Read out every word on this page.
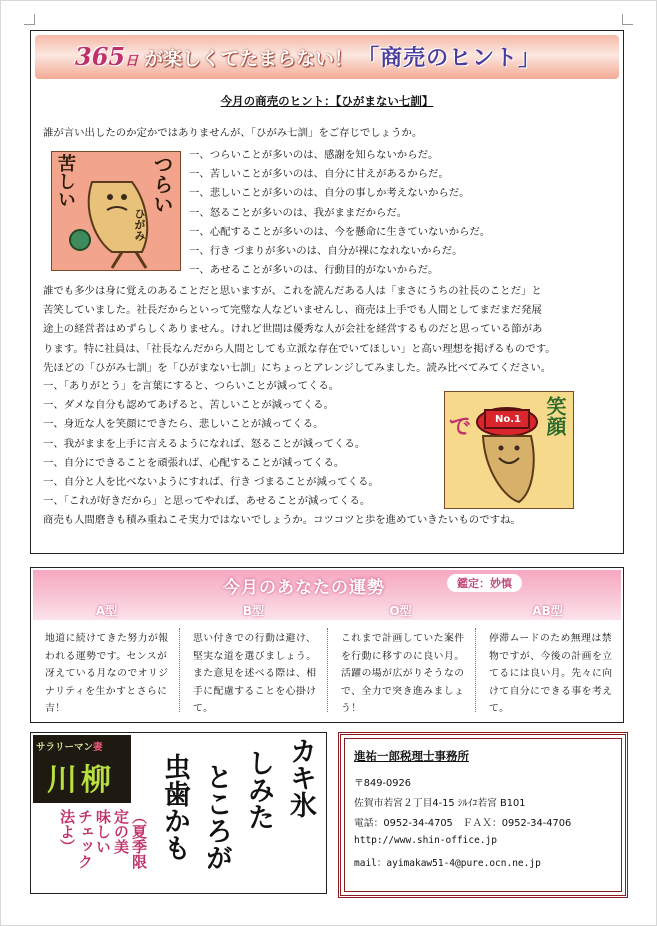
365 日 が楽しくてたまらない！ 「商売のヒント」
今月の商売のヒント：【ひがまない七訓】
誰が言い出したのか定かではありませんが、「ひがみ七訓」をご存じでしょうか。
つらい
苦しい
ひがみ
一、つらいことが多いのは、感謝を知らないからだ。
一、苦しいことが多いのは、自分に甘えがあるからだ。
一、悲しいことが多いのは、自分の事しか考えないからだ。
一、怒ることが多いのは、我がままだからだ。
一、心配することが多いのは、今を懸命に生きていないからだ。
一、行き づまりが多いのは、自分が裸になれないからだ。
一、あせることが多いのは、行動目的がないからだ。
誰でも多少は身に覚えのあることだと思いますが、これを読んだある人は「まさにうちの社長のことだ」と
苦笑していました。社長だからといって完璧な人などいませんし、商売は上手でも人間としてまだまだ発展
途上の経営者はめずらしくありません。けれど世間は優秀な人が会社を経営するものだと思っている節があ
ります。特に社員は、「社長なんだから人間としても立派な存在でいてほしい」と高い理想を掲げるものです。
先ほどの「ひがみ七訓」を「ひがまない七訓」にちょっとアレンジしてみました。読み比べてみてください。
一、「ありがとう」を言葉にすると、つらいことが減ってくる。
一、ダメな自分も認めてあげると、苦しいことが減ってくる。
一、身近な人を笑顔にできたら、悲しいことが減ってくる。
一、我がままを上手に言えるようになれば、怒ることが減ってくる。
一、自分にできることを頑張れば、心配することが減ってくる。
一、自分と人を比べないようにすれば、行き づまることが減ってくる。
一、「これが好きだから」と思ってやれば、あせることが減ってくる。
笑顔
で No.1
商売も人間磨きも積み重ねこそ実力ではないでしょうか。コツコツと歩を進めていきたいものですね。
今月のあなたの運勢	鑑定：妙慎
A型	B型	O型	AB型
地道に続けてきた努力が報われる運勢です。センスが冴えている月なのでオリジナリティを生かすとさらに吉！
思い付きでの行動は避け、堅実な道を選びましょう。また意見を述べる際は、相手に配慮することを心掛けて。
これまで計画していた案件を行動に移すのに良い月。活躍の場が広がりそうなので、全力で突き進みましょう！
停滞ムードのため無理は禁物ですが、今後の計画を立てるには良い月。先々に向けて自分にできる事を考えて。
サラリーマン妻
川柳	カキ氷
しみた
ところが
虫歯かも
（夏季限
定の美
味しい
チェック
法よ）
進祐一郎税理士事務所
〒849-0926
佐賀市若宮２丁目4-15 ｼﾙｲｺ若宮 B101
電話：0952-34-4705　ＦＡＸ：0952-34-4706
http://www.shin-office.jp
mail：ayimakaw51-4@pure.ocn.ne.jp
